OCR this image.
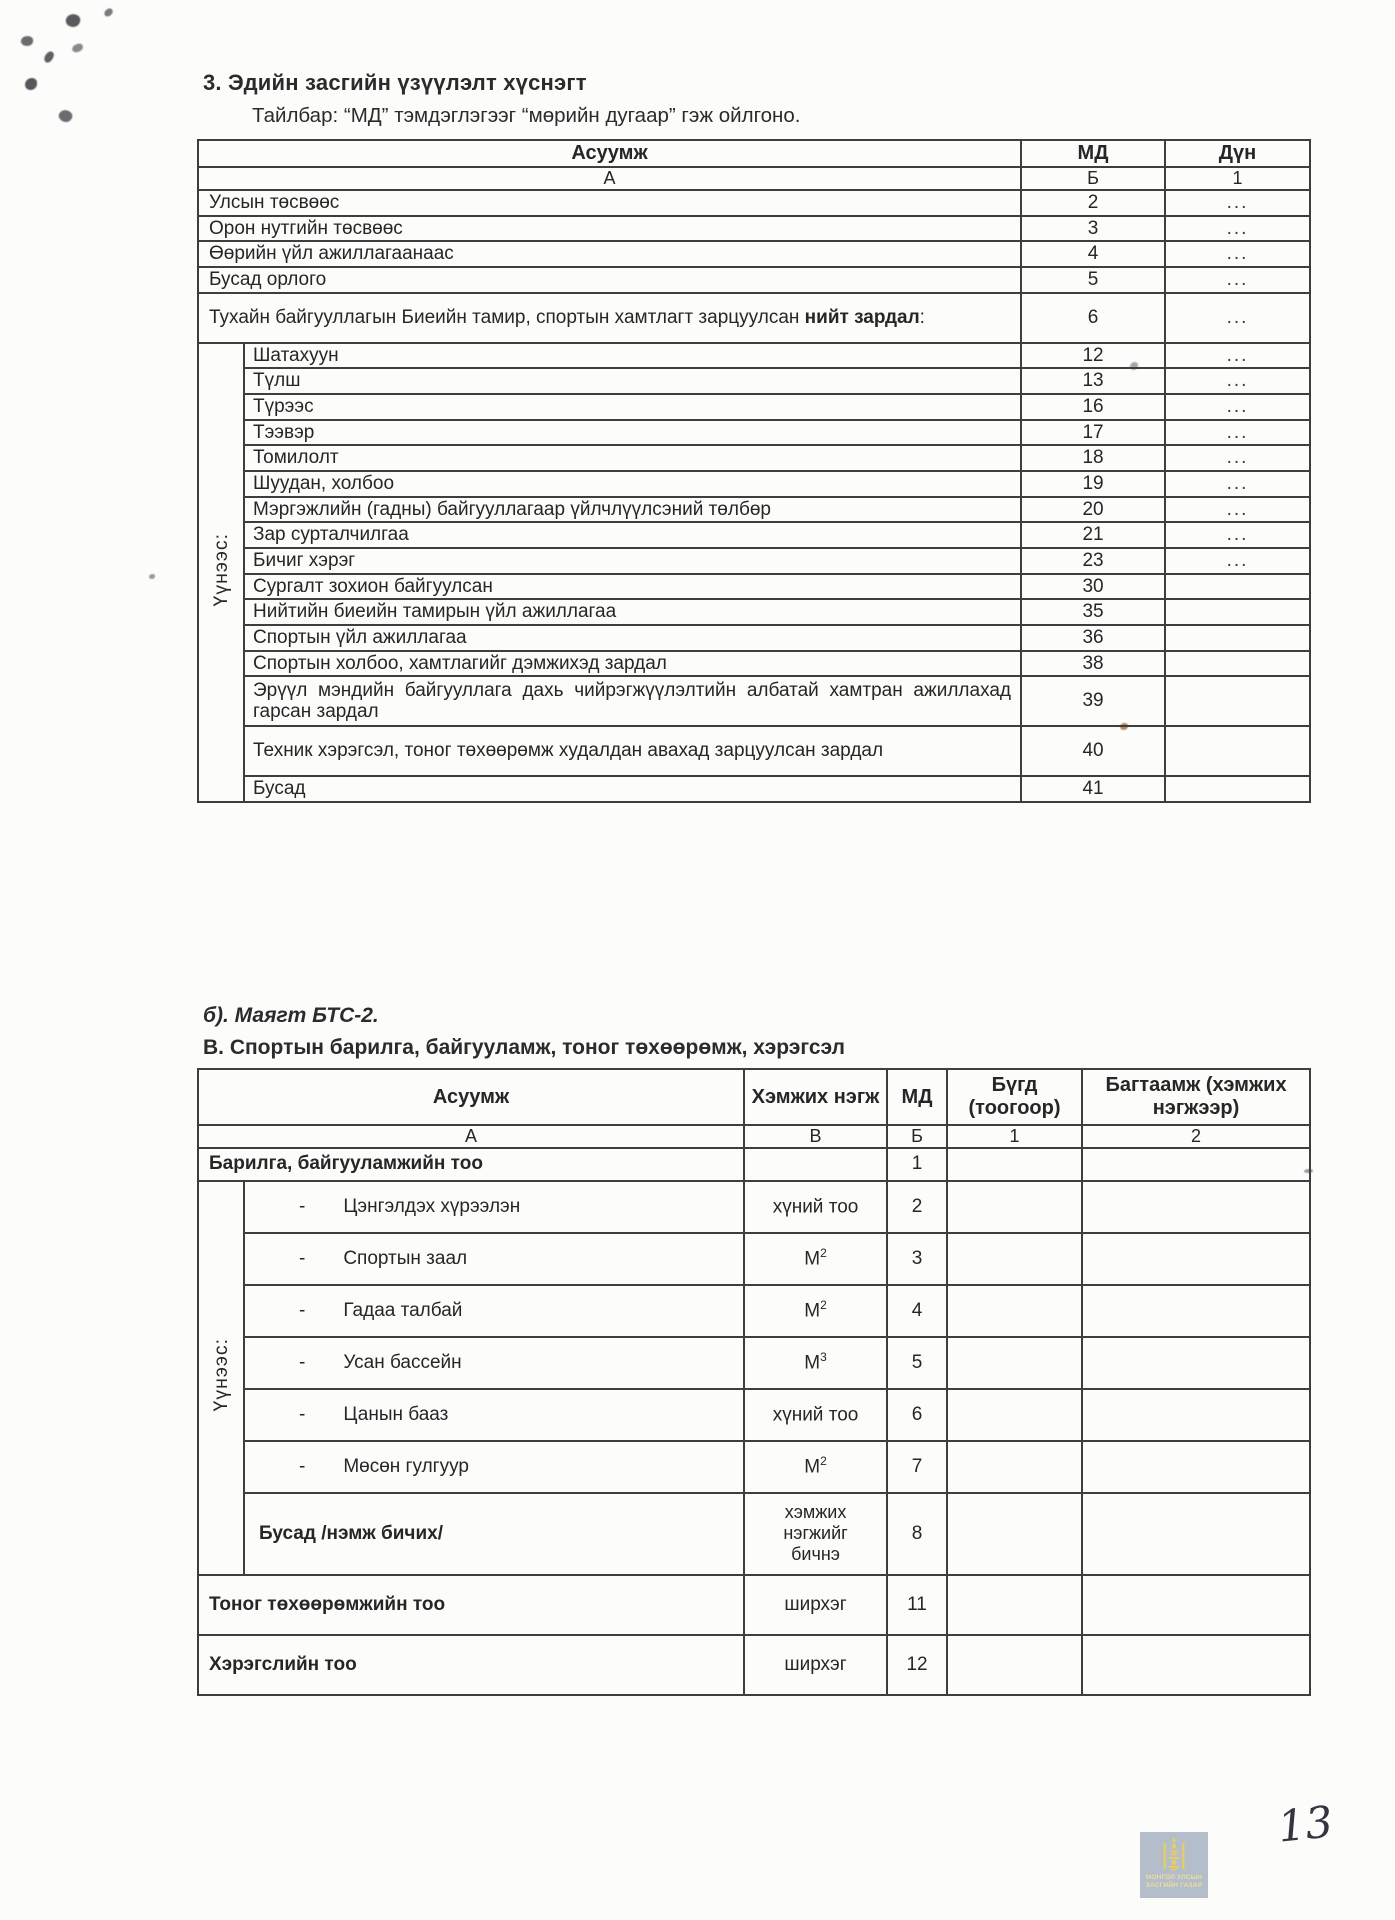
3. Эдийн засгийн үзүүлэлт хүснэгт
Тайлбар: “МД” тэмдэглэгээг “мөрийн дугаар” гэж ойлгоно.
Асуумж		МД	Дүн
А		Б	1
Улсын төсвөөс		2	...
Орон нутгийн төсвөөс		3	...
Өөрийн үйл ажиллагаанаас		4	...
Бусад орлого		5	...
Тухайн байгууллагын Биеийн тамир, спортын хамтлагт зарцуулсан нийт зардал:		6	...
Үүнээс:	Шатахуун	12	...
	Түлш	13	...
	Түрээс	16	...
	Тээвэр	17	...
	Томилолт	18	...
	Шуудан, холбоо	19	...
	Мэргэжлийн (гадны) байгууллагаар үйлчлүүлсэний төлбөр	20	...
	Зар сурталчилгаа	21	...
	Бичиг хэрэг	23	...
	Сургалт зохион байгуулсан	30	
	Нийтийн биеийн тамирын үйл ажиллагаа	35	
	Спортын үйл ажиллагаа	36	
	Спортын холбоо, хамтлагийг дэмжихэд зардал	38	
	Эрүүл мэндийн байгууллага дахь чийрэгжүүлэлтийн албатай хамтран ажиллахад гарсан зардал	39	
	Техник хэрэгсэл, тоног төхөөрөмж худалдан авахад зарцуулсан зардал	40	
	Бусад	41	
б). Маягт БТС-2.
В. Спортын барилга, байгууламж, тоног төхөөрөмж, хэрэгсэл
Асуумж		Хэмжих нэгж	МД	Бүгд (тоогоор)	Багтаамж (хэмжих нэгжээр)
А		В	Б	1	2
Барилга, байгууламжийн тоо			1		
Үүнээс:	- Цэнгэлдэх хүрээлэн	хүний тоо	2		
	- Спортын заал	$М^2$	3		
	- Гадаа талбай	$М^2$	4		
	- Усан бассейн	$М^3$	5		
	- Цанын бааз	хүний тоо	6		
	- Мөсөн гулгуур	$М^2$	7		
	Бусад /нэмж бичих/	хэмжих нэгжийг бичнэ	8		
Тоног төхөөрөмжийн тоо		ширхэг	11		
Хэрэгслийн тоо		ширхэг	12		
МОНГОЛ УЛСЫН
ЗАСГИЙН ГАЗАР
13
